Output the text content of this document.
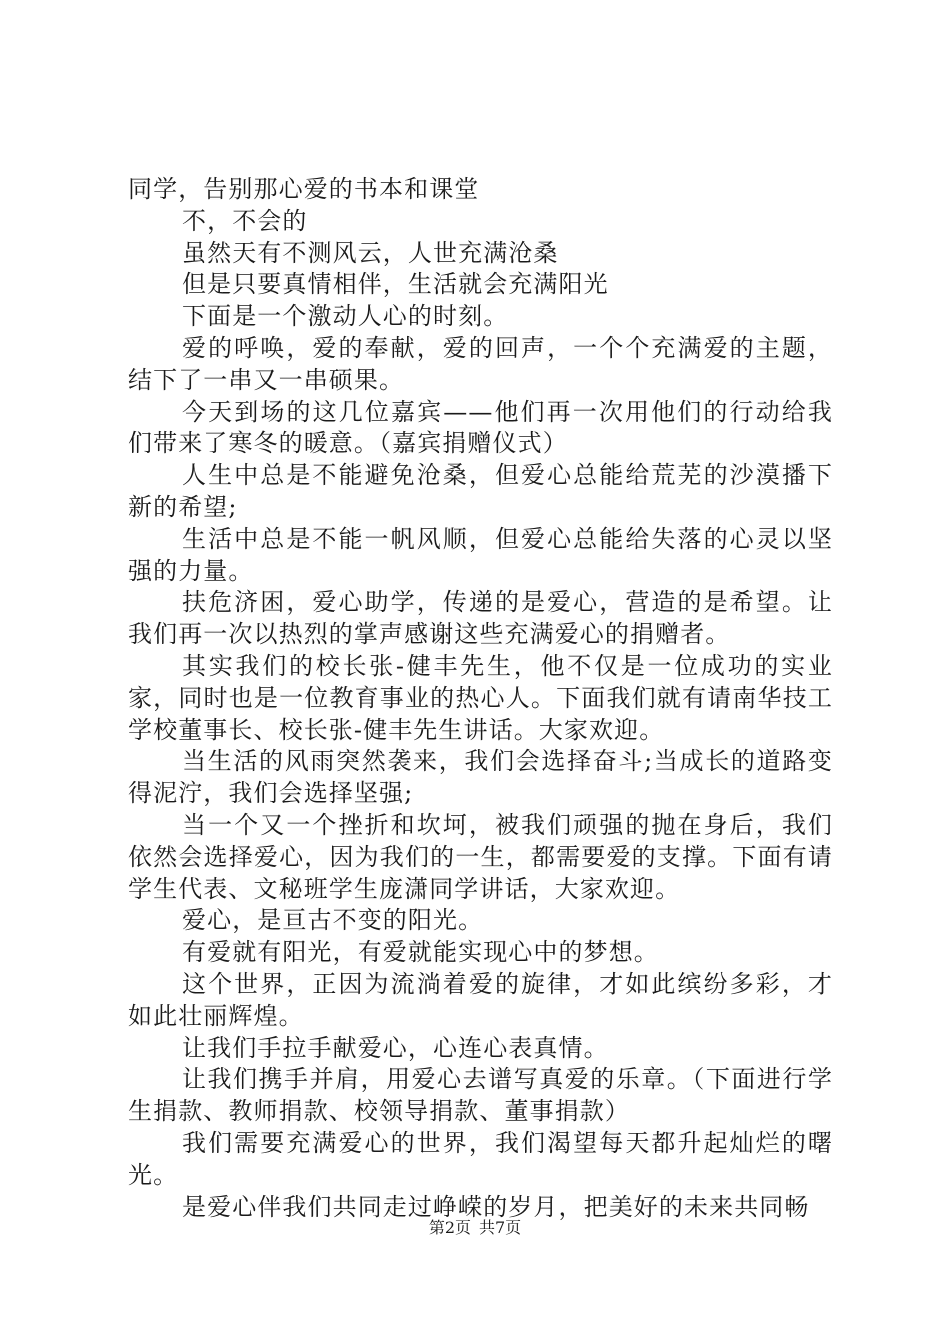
同学，告别那心爱的书本和课堂

不，不会的

虽然天有不测风云，人世充满沧桑

但是只要真情相伴，生活就会充满阳光

下面是一个激动人心的时刻。

爱的呼唤，爱的奉献，爱的回声，一个个充满爱的主题，结下了一串又一串硕果。

今天到场的这几位嘉宾——他们再一次用他们的行动给我们带来了寒冬的暖意。（嘉宾捐赠仪式）

人生中总是不能避免沧桑，但爱心总能给荒芜的沙漠播下新的希望;

生活中总是不能一帆风顺，但爱心总能给失落的心灵以坚强的力量。

扶危济困，爱心助学，传递的是爱心，营造的是希望。让我们再一次以热烈的掌声感谢这些充满爱心的捐赠者。

其实我们的校长张-健丰先生，他不仅是一位成功的实业家，同时也是一位教育事业的热心人。下面我们就有请南华技工学校董事长、校长张-健丰先生讲话。大家欢迎。

当生活的风雨突然袭来，我们会选择奋斗;当成长的道路变得泥泞，我们会选择坚强;

当一个又一个挫折和坎坷，被我们顽强的抛在身后，我们依然会选择爱心，因为我们的一生，都需要爱的支撑。下面有请学生代表、文秘班学生庞潇同学讲话，大家欢迎。

爱心，是亘古不变的阳光。

有爱就有阳光，有爱就能实现心中的梦想。

这个世界，正因为流淌着爱的旋律，才如此缤纷多彩，才如此壮丽辉煌。

让我们手拉手献爱心，心连心表真情。

让我们携手并肩，用爱心去谱写真爱的乐章。（下面进行学生捐款、教师捐款、校领导捐款、董事捐款）

我们需要充满爱心的世界，我们渴望每天都升起灿烂的曙光。

是爱心伴我们共同走过峥嵘的岁月，把美好的未来共同畅

第2页 共7页
